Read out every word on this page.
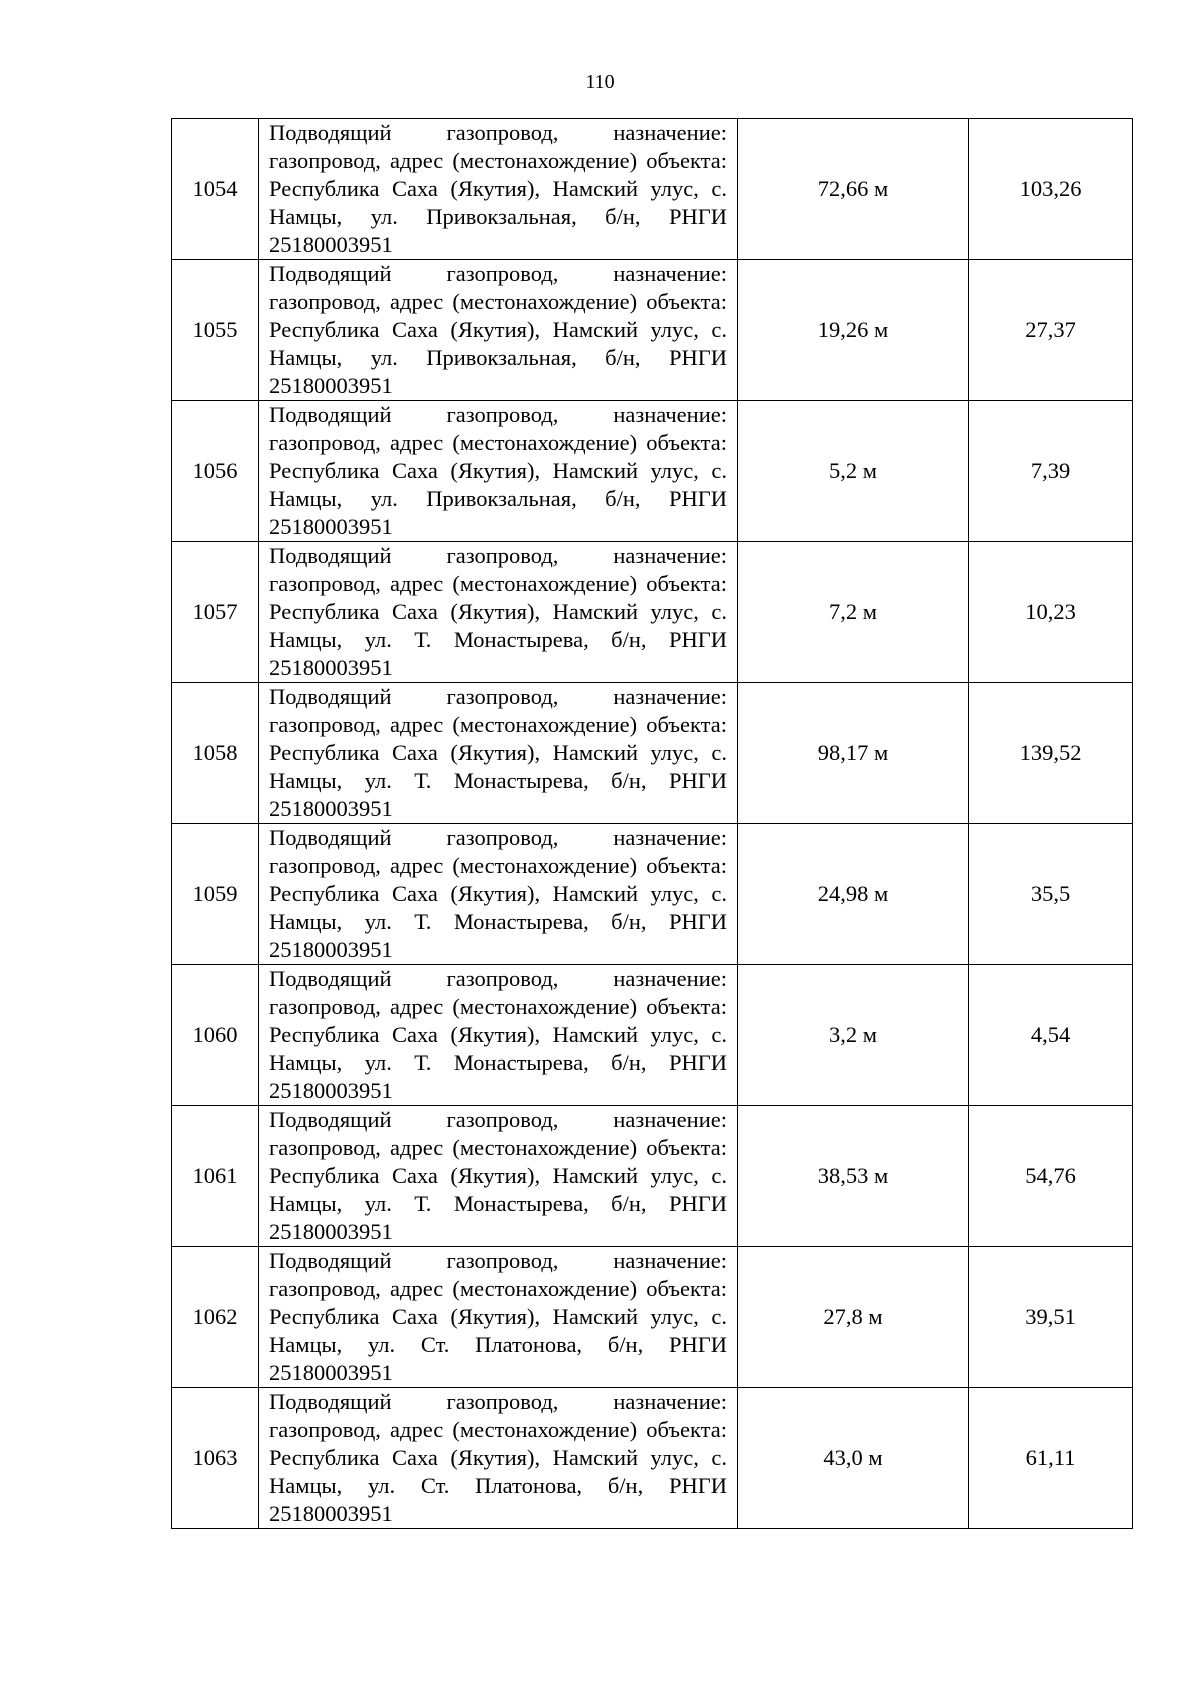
110
1054	Подводящий газопровод, назначение: газопровод, адрес (местонахождение) объекта: Республика Саха (Якутия), Намский улус, с. Намцы, ул. Привокзальная, б/н, РНГИ 25180003951	72,66 м	103,26
1055	Подводящий газопровод, назначение: газопровод, адрес (местонахождение) объекта: Республика Саха (Якутия), Намский улус, с. Намцы, ул. Привокзальная, б/н, РНГИ 25180003951	19,26 м	27,37
1056	Подводящий газопровод, назначение: газопровод, адрес (местонахождение) объекта: Республика Саха (Якутия), Намский улус, с. Намцы, ул. Привокзальная, б/н, РНГИ 25180003951	5,2 м	7,39
1057	Подводящий газопровод, назначение: газопровод, адрес (местонахождение) объекта: Республика Саха (Якутия), Намский улус, с. Намцы, ул. Т. Монастырева, б/н, РНГИ 25180003951	7,2 м	10,23
1058	Подводящий газопровод, назначение: газопровод, адрес (местонахождение) объекта: Республика Саха (Якутия), Намский улус, с. Намцы, ул. Т. Монастырева, б/н, РНГИ 25180003951	98,17 м	139,52
1059	Подводящий газопровод, назначение: газопровод, адрес (местонахождение) объекта: Республика Саха (Якутия), Намский улус, с. Намцы, ул. Т. Монастырева, б/н, РНГИ 25180003951	24,98 м	35,5
1060	Подводящий газопровод, назначение: газопровод, адрес (местонахождение) объекта: Республика Саха (Якутия), Намский улус, с. Намцы, ул. Т. Монастырева, б/н, РНГИ 25180003951	3,2 м	4,54
1061	Подводящий газопровод, назначение: газопровод, адрес (местонахождение) объекта: Республика Саха (Якутия), Намский улус, с. Намцы, ул. Т. Монастырева, б/н, РНГИ 25180003951	38,53 м	54,76
1062	Подводящий газопровод, назначение: газопровод, адрес (местонахождение) объекта: Республика Саха (Якутия), Намский улус, с. Намцы, ул. Ст. Платонова, б/н, РНГИ 25180003951	27,8 м	39,51
1063	Подводящий газопровод, назначение: газопровод, адрес (местонахождение) объекта: Республика Саха (Якутия), Намский улус, с. Намцы, ул. Ст. Платонова, б/н, РНГИ 25180003951	43,0 м	61,11
